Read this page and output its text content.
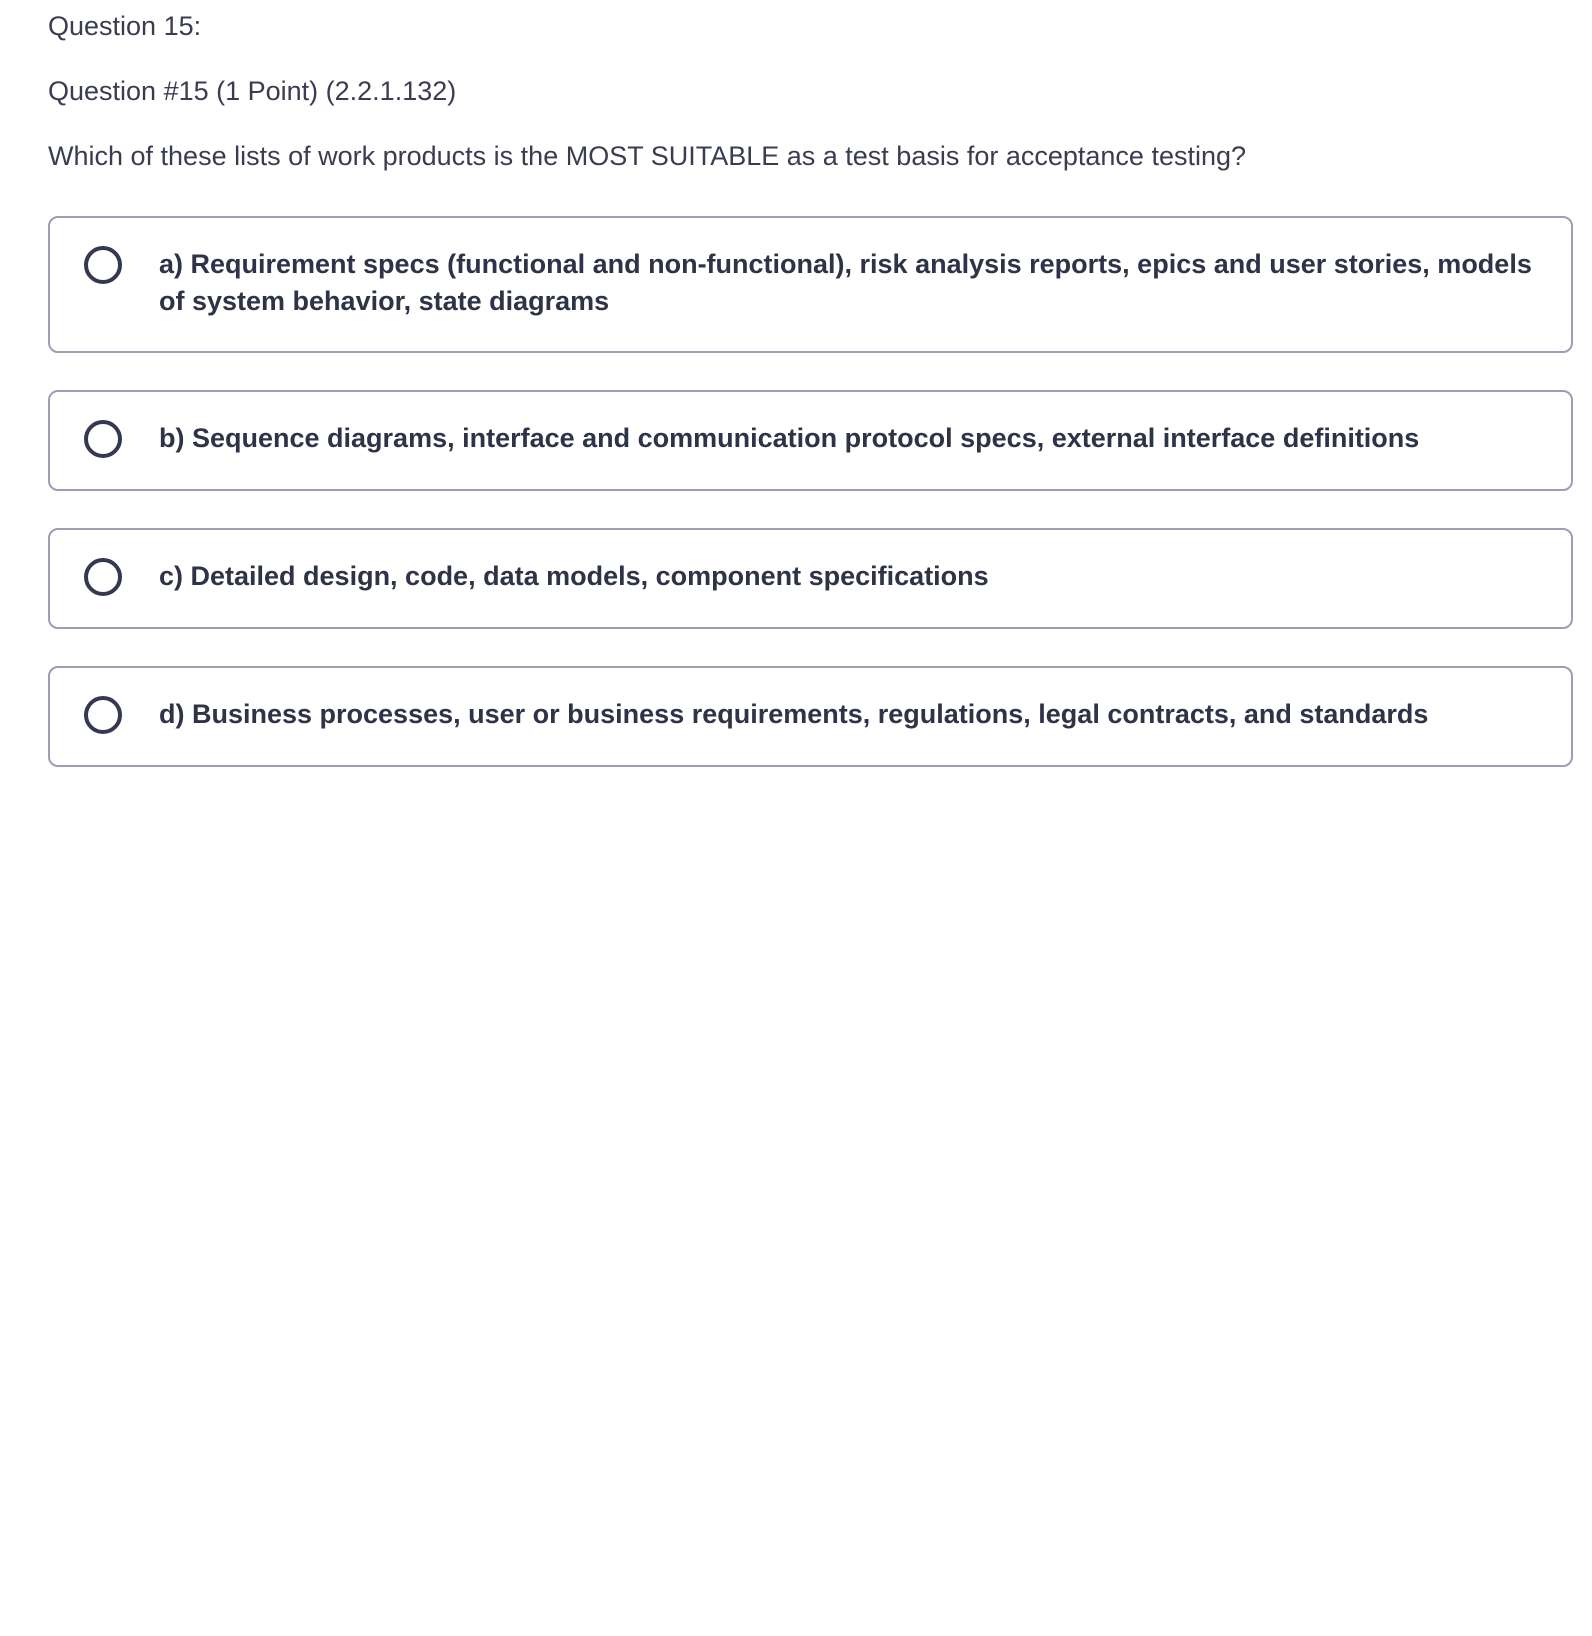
Question 15:
Question #15 (1 Point) (2.2.1.132)
Which of these lists of work products is the MOST SUITABLE as a test basis for acceptance testing?
a) Requirement specs (functional and non-functional), risk analysis reports, epics and user stories, models of system behavior, state diagrams
b) Sequence diagrams, interface and communication protocol specs, external interface definitions
c) Detailed design, code, data models, component specifications
d) Business processes, user or business requirements, regulations, legal contracts, and standards
